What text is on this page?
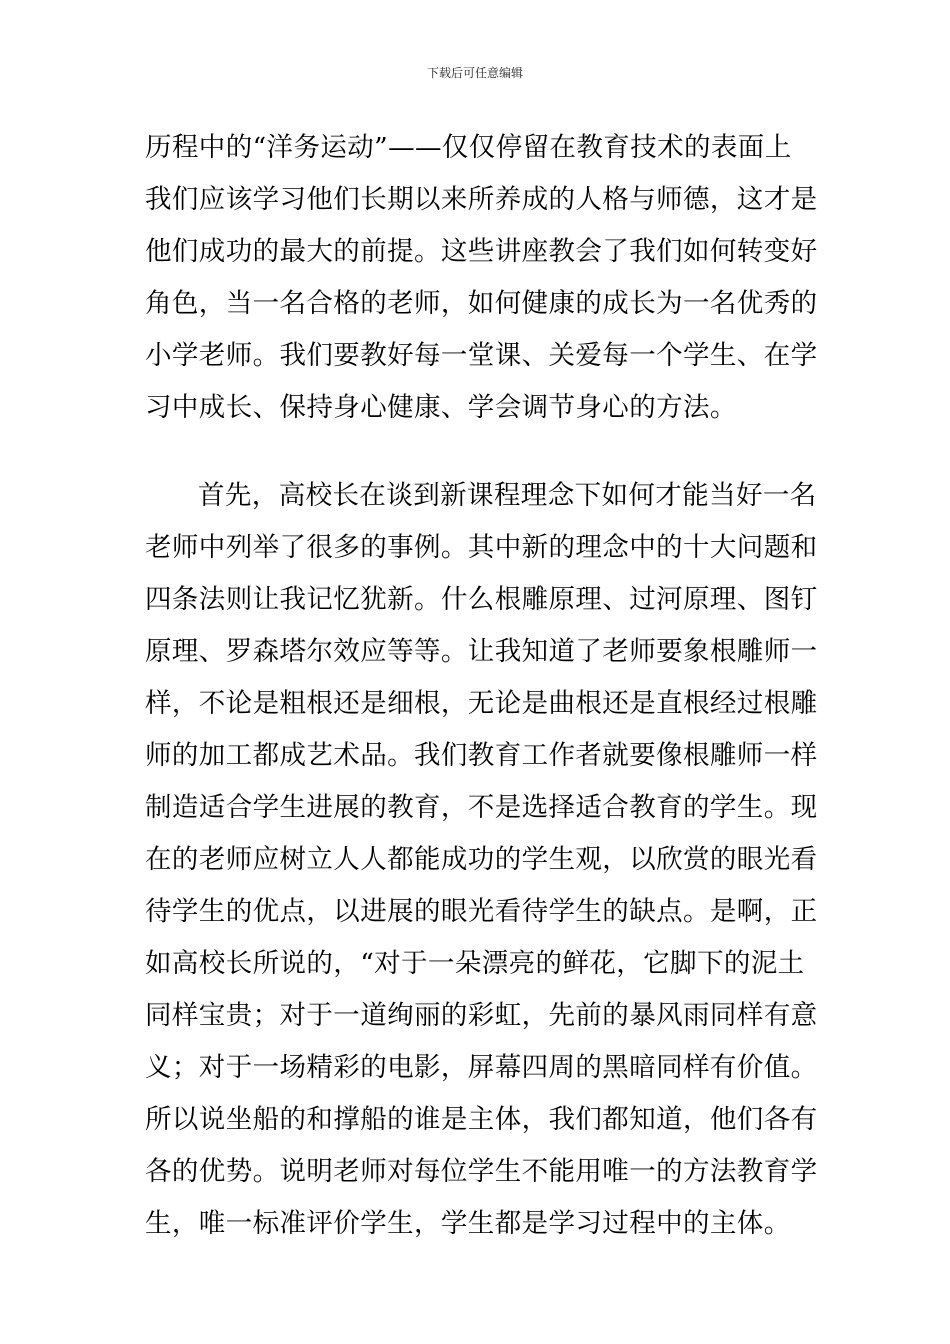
下载后可任意编辑
历程中的“洋务运动”——仅仅停留在教育技术的表面上
我们应该学习他们长期以来所养成的人格与师德，这才是
他们成功的最大的前提。这些讲座教会了我们如何转变好
角色，当一名合格的老师，如何健康的成长为一名优秀的
小学老师。我们要教好每一堂课、关爱每一个学生、在学
习中成长、保持身心健康、学会调节身心的方法。
首先，高校长在谈到新课程理念下如何才能当好一名
老师中列举了很多的事例。其中新的理念中的十大问题和
四条法则让我记忆犹新。什么根雕原理、过河原理、图钉
原理、罗森塔尔效应等等。让我知道了老师要象根雕师一
样，不论是粗根还是细根，无论是曲根还是直根经过根雕
师的加工都成艺术品。我们教育工作者就要像根雕师一样
制造适合学生进展的教育，不是选择适合教育的学生。现
在的老师应树立人人都能成功的学生观，以欣赏的眼光看
待学生的优点，以进展的眼光看待学生的缺点。是啊，正
如高校长所说的，“对于一朵漂亮的鲜花，它脚下的泥土
同样宝贵；对于一道绚丽的彩虹，先前的暴风雨同样有意
义；对于一场精彩的电影，屏幕四周的黑暗同样有价值。
所以说坐船的和撑船的谁是主体，我们都知道，他们各有
各的优势。说明老师对每位学生不能用唯一的方法教育学
生，唯一标准评价学生，学生都是学习过程中的主体。
